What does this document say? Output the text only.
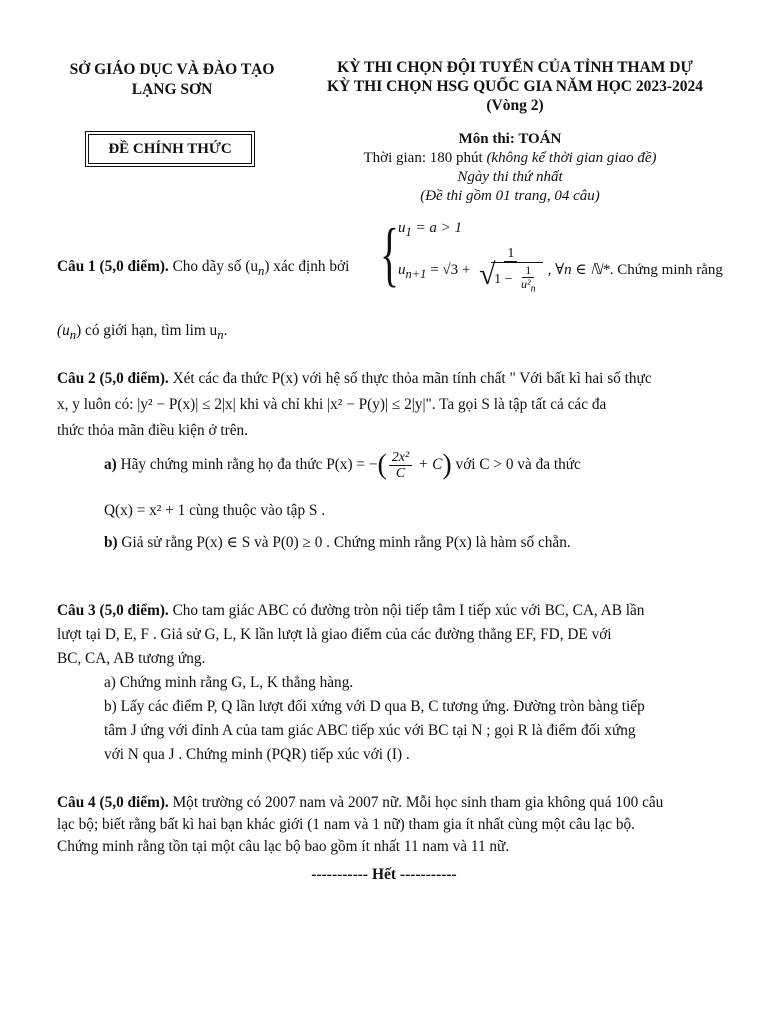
SỞ GIÁO DỤC VÀ ĐÀO TẠO
LẠNG SƠN
KỲ THI CHỌN ĐỘI TUYỂN CỦA TỈNH THAM DỰ
KỲ THI CHỌN HSG QUỐC GIA NĂM HỌC 2023-2024
(Vòng 2)
ĐỀ CHÍNH THỨC
Môn thi: TOÁN
Thời gian: 180 phút (không kể thời gian giao đề)
Ngày thi thứ nhất
(Đề thi gồm 01 trang, 04 câu)
Câu 1 (5,0 điểm). Cho dãy số $(u_n)$ xác định bởi {
$u_1 = a > 1$
$u_{n+1} = √3 + 1$
√
$1 - \frac{1}{u^2_n}$ , ∀n ∈ ℕ*. Chứng minh rằng
$(u_n)$ có giới hạn, tìm $\lim u_n$.
Câu 2 (5,0 điểm). Xét các đa thức P(x) với hệ số thực thỏa mãn tính chất " Với bất kì hai số thực
x, y luôn có: |y² − P(x)| ≤ 2|x| khi và chỉ khi |x² − P(y)| ≤ 2|y|". Ta gọi S là tập tất cả các đa
thức thỏa mãn điều kiện ở trên.
a) Hãy chứng minh rằng họ đa thức P(x) = −( $\frac{\text{2x²}}{C} + C$) với C > 0 và đa thức
Q(x) = x² + 1 cùng thuộc vào tập S .
b) Giả sử rằng P(x) ∈ S và P(0) ≥ 0 . Chứng minh rằng P(x) là hàm số chẵn.
Câu 3 (5,0 điểm). Cho tam giác ABC có đường tròn nội tiếp tâm I tiếp xúc với BC, CA, AB lần
lượt tại D, E, F . Giả sử G, L, K lần lượt là giao điểm của các đường thẳng EF, FD, DE với
BC, CA, AB tương ứng.
a) Chứng minh rằng G, L, K thẳng hàng.
b) Lấy các điểm P, Q lần lượt đối xứng với D qua B, C tương ứng. Đường tròn bàng tiếp
tâm J ứng với đỉnh A của tam giác ABC tiếp xúc với BC tại N ; gọi R là điểm đối xứng
với N qua J . Chứng minh (PQR) tiếp xúc với (I) .
Câu 4 (5,0 điểm). Một trường có 2007 nam và 2007 nữ. Mỗi học sinh tham gia không quá 100 câu
lạc bộ; biết rằng bất kì hai bạn khác giới (1 nam và 1 nữ) tham gia ít nhất cùng một câu lạc bộ.
Chứng minh rằng tồn tại một câu lạc bộ bao gồm ít nhất 11 nam và 11 nữ.
----------- Hết -----------
